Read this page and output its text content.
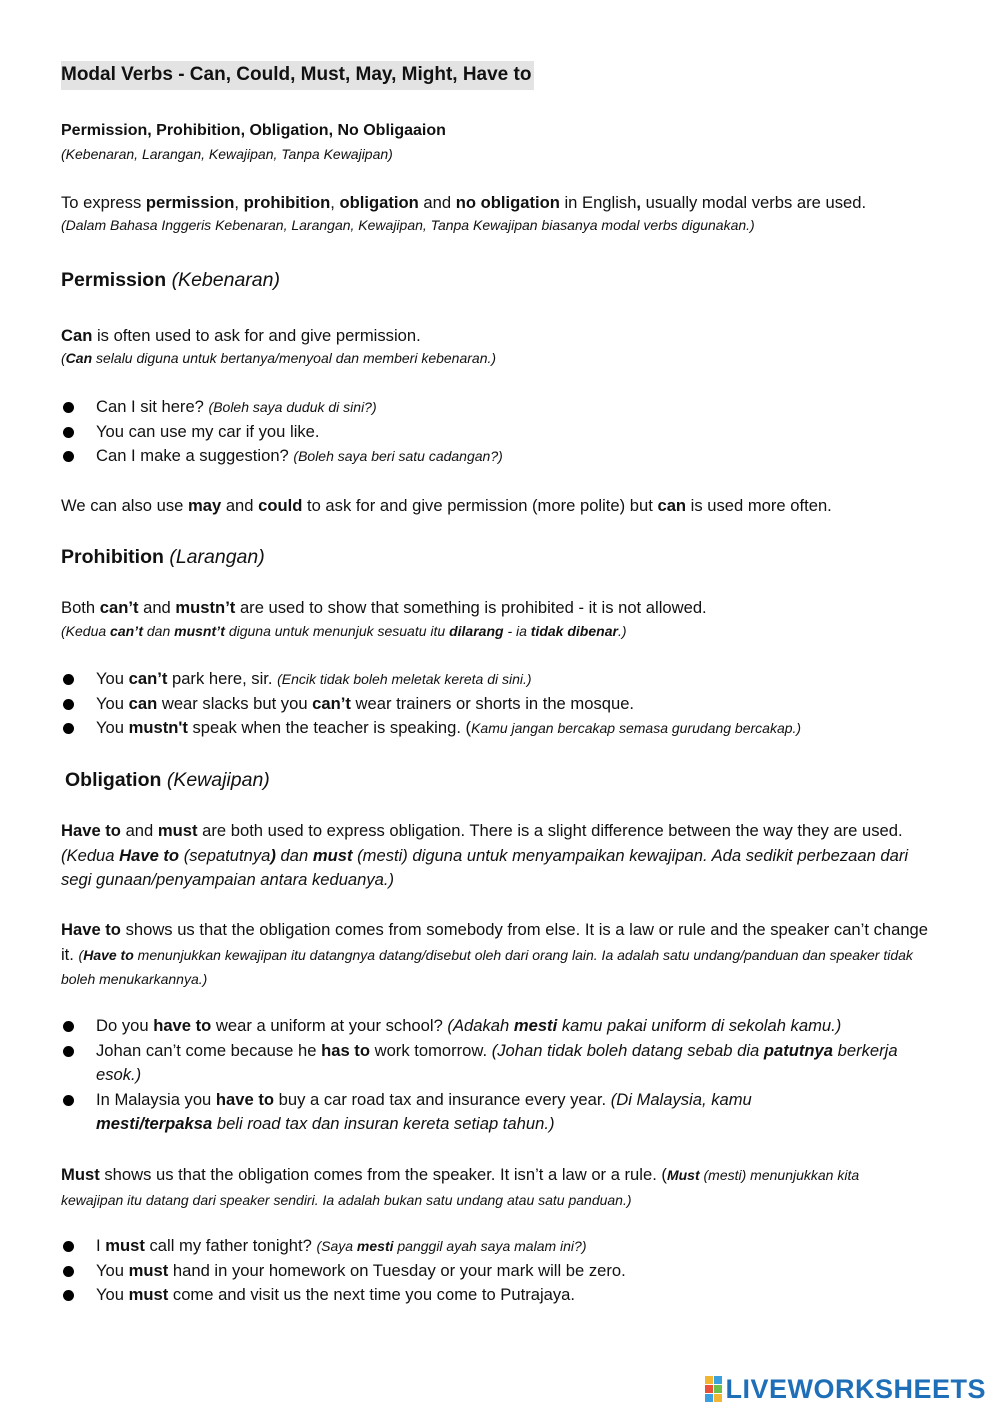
Modal Verbs - Can, Could, Must, May, Might, Have to
Permission, Prohibition, Obligation, No Obligaaion
(Kebenaran, Larangan, Kewajipan, Tanpa Kewajipan)
To express permission, prohibition, obligation and no obligation in English, usually modal verbs are used.
(Dalam Bahasa Inggeris Kebenaran, Larangan, Kewajipan, Tanpa Kewajipan biasanya modal verbs digunakan.)
Permission (Kebenaran)
Can is often used to ask for and give permission.
(Can selalu diguna untuk bertanya/menyoal dan memberi kebenaran.)
Can I sit here? (Boleh saya duduk di sini?)
You can use my car if you like.
Can I make a suggestion? (Boleh saya beri satu cadangan?)
We can also use may and could to ask for and give permission (more polite) but can is used more often.
Prohibition (Larangan)
Both can’t and mustn’t are used to show that something is prohibited - it is not allowed.
(Kedua can’t dan musnt’t diguna untuk menunjuk sesuatu itu dilarang - ia tidak dibenar.)
You can’t park here, sir. (Encik tidak boleh meletak kereta di sini.)
You can wear slacks but you can’t wear trainers or shorts in the mosque.
You mustn't speak when the teacher is speaking. (Kamu jangan bercakap semasa gurudang bercakap.)
Obligation (Kewajipan)
Have to and must are both used to express obligation. There is a slight difference between the way they are used. (Kedua Have to (sepatutnya) dan must (mesti) diguna untuk menyampaikan kewajipan. Ada sedikit perbezaan dari segi gunaan/penyampaian antara keduanya.)
Have to shows us that the obligation comes from somebody from else. It is a law or rule and the speaker can’t change it. (Have to menunjukkan kewajipan itu datangnya datang/disebut oleh dari orang lain. Ia adalah satu undang/panduan dan speaker tidak boleh menukarkannya.)
Do you have to wear a uniform at your school? (Adakah mesti kamu pakai uniform di sekolah kamu.)
Johan can’t come because he has to work tomorrow. (Johan tidak boleh datang sebab dia patutnya berkerja esok.)
In Malaysia you have to buy a car road tax and insurance every year. (Di Malaysia, kamu mesti/terpaksa beli road tax dan insuran kereta setiap tahun.)
Must shows us that the obligation comes from the speaker. It isn’t a law or a rule. (Must (mesti) menunjukkan kita kewajipan itu datang dari speaker sendiri. Ia adalah bukan satu undang atau satu panduan.)
I must call my father tonight? (Saya mesti panggil ayah saya malam ini?)
You must hand in your homework on Tuesday or your mark will be zero.
You must come and visit us the next time you come to Putrajaya.
LIVEWORKSHEETS
